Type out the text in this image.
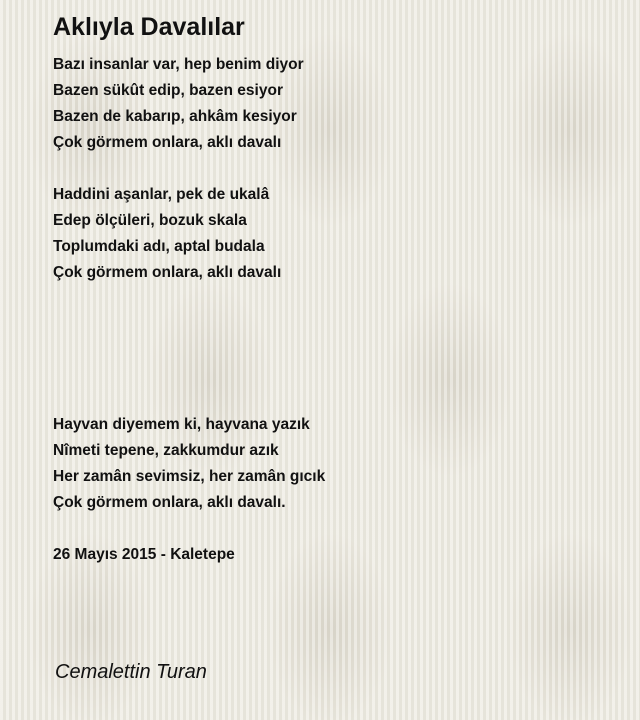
Aklıyla Davalılar
Bazı insanlar var, hep benim diyor
Bazen sükût edip, bazen esiyor
Bazen de kabarıp, ahkâm kesiyor
Çok görmem onlara, aklı davalı
Haddini aşanlar, pek de ukalâ
Edep ölçüleri, bozuk skala
Toplumdaki adı, aptal budala
Çok görmem onlara, aklı davalı
Hayvan diyemem ki, hayvana yazık
Nîmeti tepene, zakkumdur azık
Her zamân sevimsiz, her zamân gıcık
Çok görmem onlara, aklı davalı.
26 Mayıs 2015 - Kaletepe
Cemalettin Turan
